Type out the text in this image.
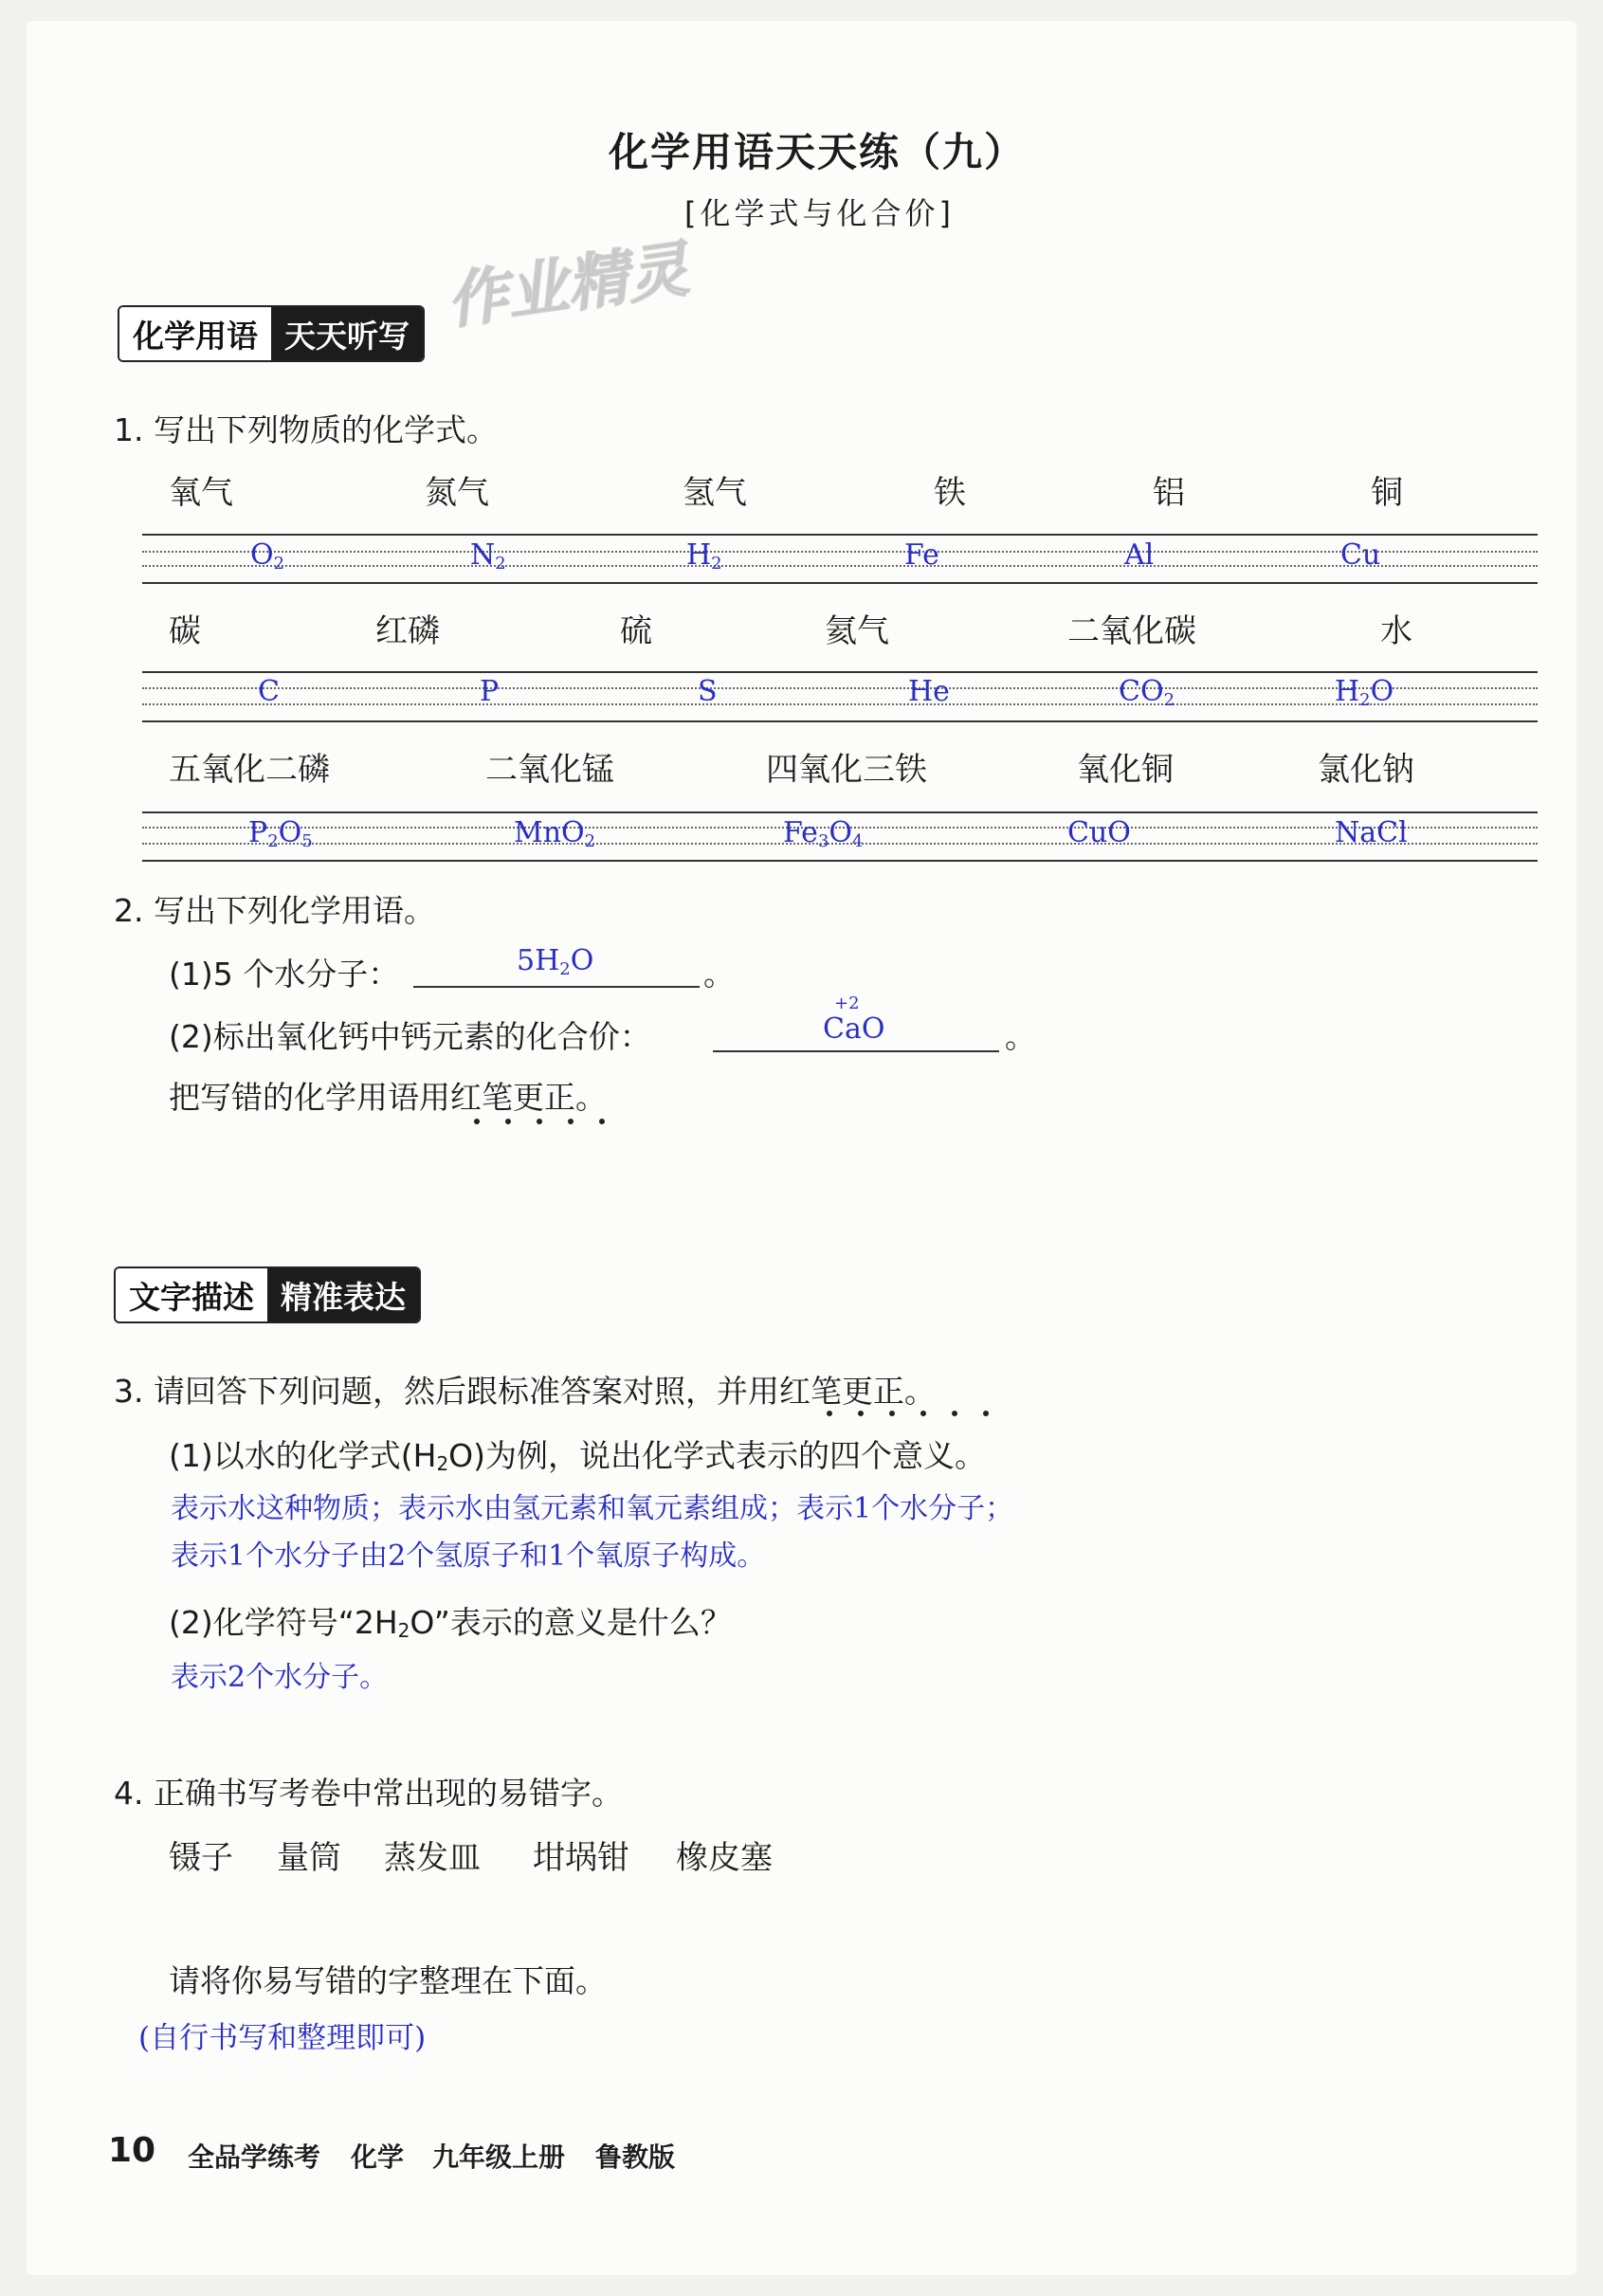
化学用语天天练（九）
[化学式与化合价]
作业精灵
化学用语 天天听写
1. 写出下列物质的化学式。
氧气	氮气	氢气	铁	铝	铜
$O_2$	$N_2$	$H_2$	Fe	Al	Cu
碳	红磷	硫	氦气	二氧化碳	水
C	P	S	He	$CO_2$	$H_2O$
五氧化二磷	二氧化锰	四氧化三铁	氧化铜	氯化钠
$P_2O_5$	MnO$_2$	$Fe_3O_4$	CuO	NaCl
2. 写出下列化学用语。
(1)5 个水分子：	$5H_2O$	。
(2)标出氧化钙中钙元素的化合价：
+2
CaO	。
把写错的化学用语用红笔更正。
文字描述 精准表达
3. 请回答下列问题，然后跟标准答案对照，并用红笔更正。
(1)以水的化学式$(H_2O)$为例，说出化学式表示的四个意义。
表示水这种物质；表示水由氢元素和氧元素组成；表示1个水分子；
表示1个水分子由2个氢原子和1个氧原子构成。
(2)化学符号“$2H_2O$”表示的意义是什么？
表示2个水分子。
4. 正确书写考卷中常出现的易错字。
镊子 量筒 蒸发皿 坩埚钳 橡皮塞
请将你易写错的字整理在下面。
(自行书写和整理即可)
10 全品学练考 化学 九年级上册 鲁教版
